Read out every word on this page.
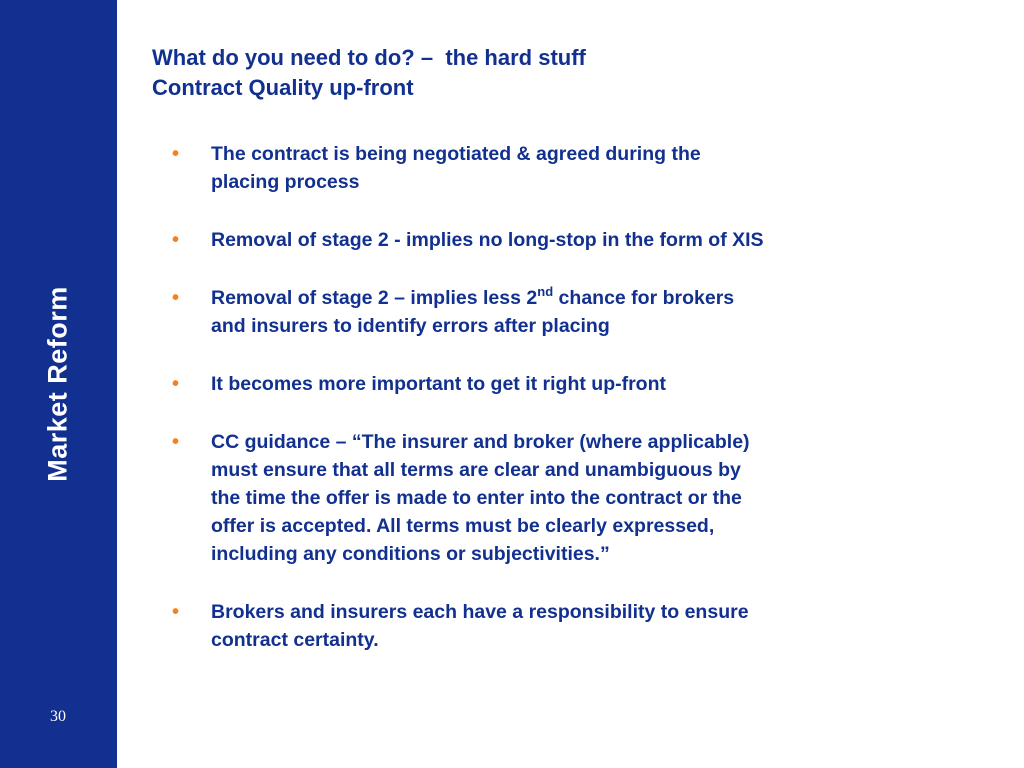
Market Reform
30
What do you need to do? –  the hard stuff
Contract Quality up-front
• The contract is being negotiated & agreed during the
placing process
• Removal of stage 2 - implies no long-stop in the form of XIS
• Removal of stage 2 – implies less 2nd chance for brokers
and insurers to identify errors after placing
• It becomes more important to get it right up-front
• CC guidance – “The insurer and broker (where applicable)
must ensure that all terms are clear and unambiguous by
the time the offer is made to enter into the contract or the
offer is accepted. All terms must be clearly expressed,
including any conditions or subjectivities.”
• Brokers and insurers each have a responsibility to ensure
contract certainty.
